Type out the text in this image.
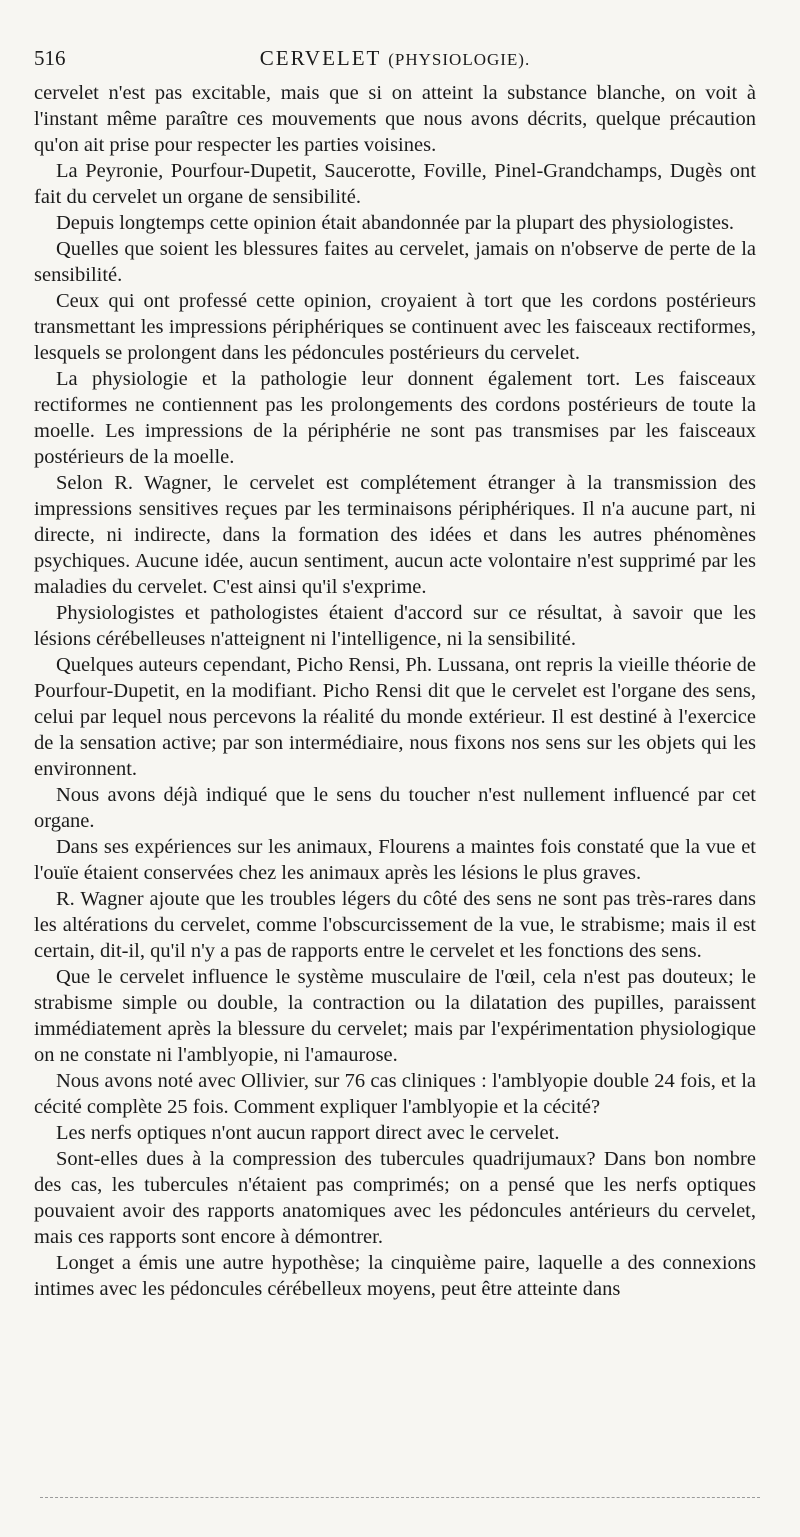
516	CERVELET (PHYSIOLOGIE).

cervelet n'est pas excitable, mais que si on atteint la substance blanche, on voit à l'instant même paraître ces mouvements que nous avons décrits, quelque précaution qu'on ait prise pour respecter les parties voisines.

La Peyronie, Pourfour-Dupetit, Saucerotte, Foville, Pinel-Grandchamps, Dugès ont fait du cervelet un organe de sensibilité.

Depuis longtemps cette opinion était abandonnée par la plupart des physiologistes.

Quelles que soient les blessures faites au cervelet, jamais on n'observe de perte de la sensibilité.

Ceux qui ont professé cette opinion, croyaient à tort que les cordons postérieurs transmettant les impressions périphériques se continuent avec les faisceaux rectiformes, lesquels se prolongent dans les pédoncules postérieurs du cervelet.

La physiologie et la pathologie leur donnent également tort. Les faisceaux rectiformes ne contiennent pas les prolongements des cordons postérieurs de toute la moelle. Les impressions de la périphérie ne sont pas transmises par les faisceaux postérieurs de la moelle.

Selon R. Wagner, le cervelet est complétement étranger à la transmission des impressions sensitives reçues par les terminaisons périphériques. Il n'a aucune part, ni directe, ni indirecte, dans la formation des idées et dans les autres phénomènes psychiques. Aucune idée, aucun sentiment, aucun acte volontaire n'est supprimé par les maladies du cervelet. C'est ainsi qu'il s'exprime.

Physiologistes et pathologistes étaient d'accord sur ce résultat, à savoir que les lésions cérébelleuses n'atteignent ni l'intelligence, ni la sensibilité.

Quelques auteurs cependant, Picho Rensi, Ph. Lussana, ont repris la vieille théorie de Pourfour-Dupetit, en la modifiant. Picho Rensi dit que le cervelet est l'organe des sens, celui par lequel nous percevons la réalité du monde extérieur. Il est destiné à l'exercice de la sensation active; par son intermédiaire, nous fixons nos sens sur les objets qui les environnent.

Nous avons déjà indiqué que le sens du toucher n'est nullement influencé par cet organe.

Dans ses expériences sur les animaux, Flourens a maintes fois constaté que la vue et l'ouïe étaient conservées chez les animaux après les lésions le plus graves.

R. Wagner ajoute que les troubles légers du côté des sens ne sont pas très-rares dans les altérations du cervelet, comme l'obscurcissement de la vue, le strabisme; mais il est certain, dit-il, qu'il n'y a pas de rapports entre le cervelet et les fonctions des sens.

Que le cervelet influence le système musculaire de l'œil, cela n'est pas douteux; le strabisme simple ou double, la contraction ou la dilatation des pupilles, paraissent immédiatement après la blessure du cervelet; mais par l'expérimentation physiologique on ne constate ni l'amblyopie, ni l'amaurose.

Nous avons noté avec Ollivier, sur 76 cas cliniques : l'amblyopie double 24 fois, et la cécité complète 25 fois. Comment expliquer l'amblyopie et la cécité?

Les nerfs optiques n'ont aucun rapport direct avec le cervelet.

Sont-elles dues à la compression des tubercules quadrijumaux? Dans bon nombre des cas, les tubercules n'étaient pas comprimés; on a pensé que les nerfs optiques pouvaient avoir des rapports anatomiques avec les pédoncules antérieurs du cervelet, mais ces rapports sont encore à démontrer.

Longet a émis une autre hypothèse; la cinquième paire, laquelle a des connexions intimes avec les pédoncules cérébelleux moyens, peut être atteinte dans
